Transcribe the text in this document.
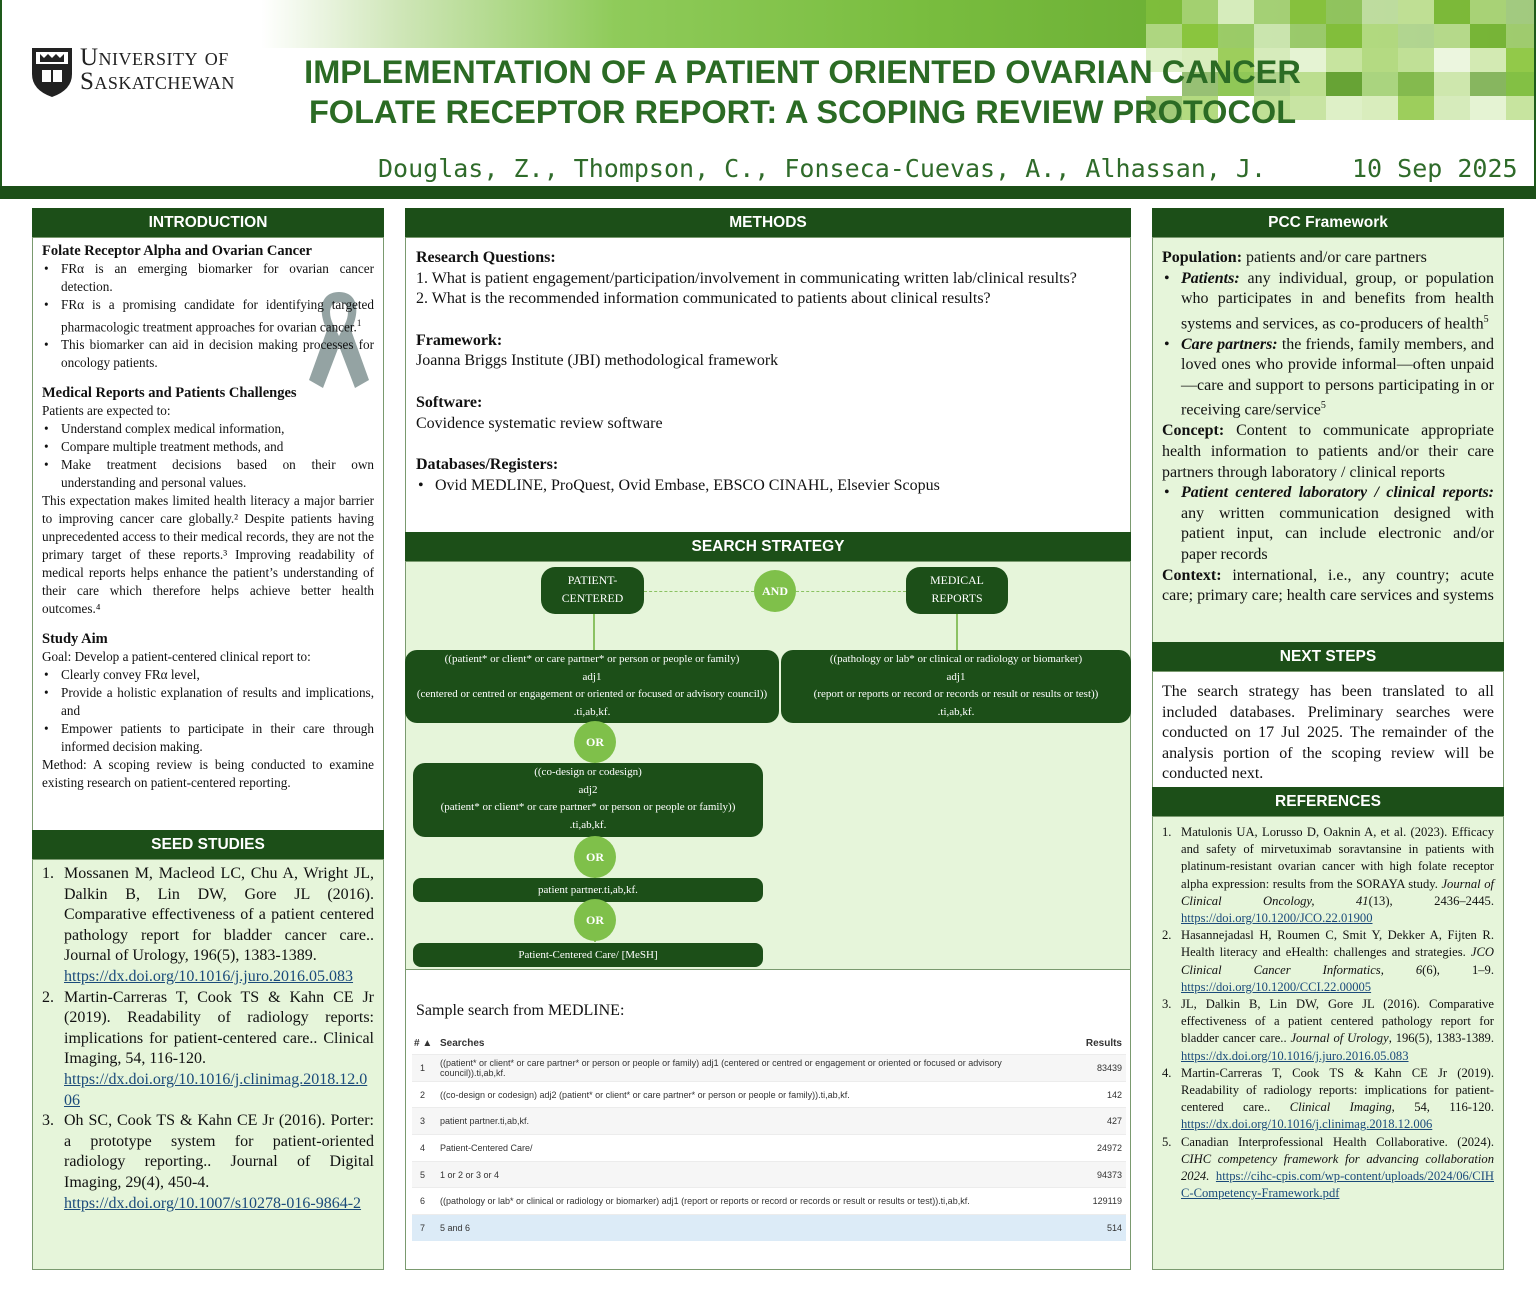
University of
Saskatchewan	IMPLEMENTATION OF A PATIENT ORIENTED OVARIAN CANCER
FOLATE RECEPTOR REPORT: A SCOPING REVIEW PROTOCOL
Douglas, Z., Thompson, C., Fonseca-Cuevas, A., Alhassan, J.	10 Sep 2025
INTRODUCTION
Folate Receptor Alpha and Ovarian Cancer
• FRα is an emerging biomarker for ovarian cancer detection.
• FRα is a promising candidate for identifying targeted pharmacologic treatment approaches for ovarian cancer.$^1$
• This biomarker can aid in decision making processes for oncology patients.
Medical Reports and Patients Challenges
Patients are expected to:
• Understand complex medical information,
• Compare multiple treatment methods, and
• Make treatment decisions based on their own understanding and personal values.
This expectation makes limited health literacy a major barrier to improving cancer care globally.² Despite patients having unprecedented access to their medical records, they are not the primary target of these reports.³ Improving readability of medical reports helps enhance the patient’s understanding of their care which therefore helps achieve better health outcomes.⁴
Study Aim
Goal: Develop a patient-centered clinical report to:
• Clearly convey FRα level,
• Provide a holistic explanation of results and implications, and
• Empower patients to participate in their care through informed decision making.
Method: A scoping review is being conducted to examine existing research on patient-centered reporting.
SEED STUDIES
1. Mossanen M, Macleod LC, Chu A, Wright JL, Dalkin B, Lin DW, Gore JL (2016). Comparative effectiveness of a patient centered pathology report for bladder cancer care.. Journal of Urology, 196(5), 1383-1389.
https://dx.doi.org/10.1016/j.juro.2016.05.083
2. Martin-Carreras T, Cook TS & Kahn CE Jr (2019). Readability of radiology reports: implications for patient-centered care.. Clinical Imaging, 54, 116-120.
https://dx.doi.org/10.1016/j.clinimag.2018.12.006
3. Oh SC, Cook TS & Kahn CE Jr (2016). Porter: a prototype system for patient-oriented radiology reporting.. Journal of Digital Imaging, 29(4), 450-4.
https://dx.doi.org/10.1007/s10278-016-9864-2
METHODS
Research Questions:
1. What is patient engagement/participation/involvement in communicating written lab/clinical results?
2. What is the recommended information communicated to patients about clinical results?
Framework:
Joanna Briggs Institute (JBI) methodological framework
Software:
Covidence systematic review software
Databases/Registers:
• Ovid MEDLINE, ProQuest, Ovid Embase, EBSCO CINAHL, Elsevier Scopus
SEARCH STRATEGY
PATIENT-
CENTERED	AND
MEDICAL
REPORTS
((patient* or client* or care partner* or person or people or family)
adj1
(centered or centred or engagement or oriented or focused or advisory council))
.ti,ab,kf.
((pathology or lab* or clinical or radiology or biomarker)
adj1
(report or reports or record or records or result or results or test))
.ti,ab,kf.
OR
((co-design or codesign)
adj2
(patient* or client* or care partner* or person or people or family))
.ti,ab,kf.
OR
patient partner.ti,ab,kf.
OR
Patient-Centered Care/ [MeSH]
Sample search from MEDLINE:
# ▲ Searches	Results
1	((patient* or client* or care partner* or person or people or family) adj1 (centered or centred or engagement or oriented or focused or advisory council)).ti,ab,kf.	83439
2	((co-design or codesign) adj2 (patient* or client* or care partner* or person or people or family)).ti,ab,kf.	142
3	patient partner.ti,ab,kf.	427
4	Patient-Centered Care/	24972
5	1 or 2 or 3 or 4	94373
6	((pathology or lab* or clinical or radiology or biomarker) adj1 (report or reports or record or records or result or results or test)).ti,ab,kf.	129119
7	5 and 6	514
PCC Framework
Population: patients and/or care partners
• Patients: any individual, group, or population who participates in and benefits from health systems and services, as co-producers of health$^5$
• Care partners: the friends, family members, and loved ones who provide informal—often unpaid—care and support to persons participating in or receiving care/service$^5$
Concept: Content to communicate appropriate health information to patients and/or their care partners through laboratory / clinical reports
• Patient centered laboratory / clinical reports: any written communication designed with patient input, can include electronic and/or paper records
Context: international, i.e., any country; acute care; primary care; health care services and systems
NEXT STEPS
The search strategy has been translated to all included databases. Preliminary searches were conducted on 17 Jul 2025. The remainder of the analysis portion of the scoping review will be conducted next.
REFERENCES
1. Matulonis UA, Lorusso D, Oaknin A, et al. (2023). Efficacy and safety of mirvetuximab soravtansine in patients with platinum-resistant ovarian cancer with high folate receptor alpha expression: results from the SORAYA study. Journal of Clinical Oncology, 41(13), 2436–2445. https://doi.org/10.1200/JCO.22.01900
2. Hasannejadasl H, Roumen C, Smit Y, Dekker A, Fijten R. Health literacy and eHealth: challenges and strategies. JCO Clinical Cancer Informatics, 6(6), 1–9. https://doi.org/10.1200/CCI.22.00005
3. JL, Dalkin B, Lin DW, Gore JL (2016). Comparative effectiveness of a patient centered pathology report for bladder cancer care.. Journal of Urology, 196(5), 1383-1389. https://dx.doi.org/10.1016/j.juro.2016.05.083
4. Martin-Carreras T, Cook TS & Kahn CE Jr (2019). Readability of radiology reports: implications for patient-centered care.. Clinical Imaging, 54, 116-120. https://dx.doi.org/10.1016/j.clinimag.2018.12.006
5. Canadian Interprofessional Health Collaborative. (2024). CIHC competency framework for advancing collaboration 2024. https://cihc-cpis.com/wp-content/uploads/2024/06/CIHC-Competency-Framework.pdf
